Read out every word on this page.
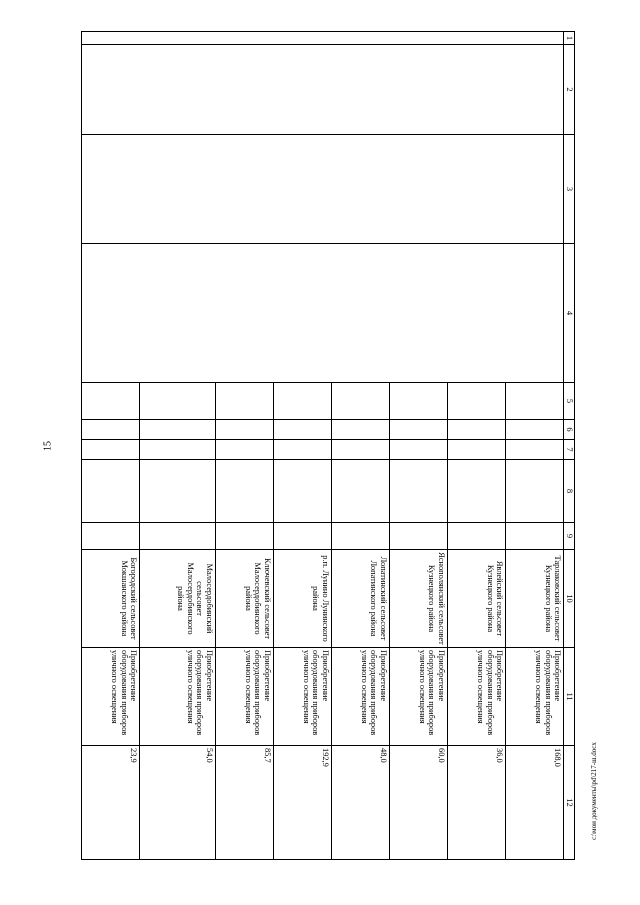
15
c:\мои документы\рd\217-ш.docx
1	2	3	4	5	6	7	8	9	10	11	12
									Тарлаковский сельсовет Кузнецкого района	Приобретение оборудования приборов уличного освещения	168,0
									Явлейский сельсовет Кузнецкого района	Приобретение оборудования приборов уличного освещения	36,0
									Яснополянский сельсовет Кузнецкого района	Приобретение оборудования приборов уличного освещения	60,0
									Лопатинский сельсовет Лопатинского района	Приобретение оборудования приборов уличного освещения	48,0
									р.п. Лунино Лунинского района	Приобретение оборудования приборов уличного освещения	192,9
									Ключевский сельсовет Малосердобинского района	Приобретение оборудования приборов уличного освещения	85,7
									Малосердобинский сельсовет Малосердобинского района	Приобретение оборудования приборов уличного освещения	54,0
									Богородский сельсовет Мокшанского района	Приобретение оборудования приборов уличного освещения	23,9
